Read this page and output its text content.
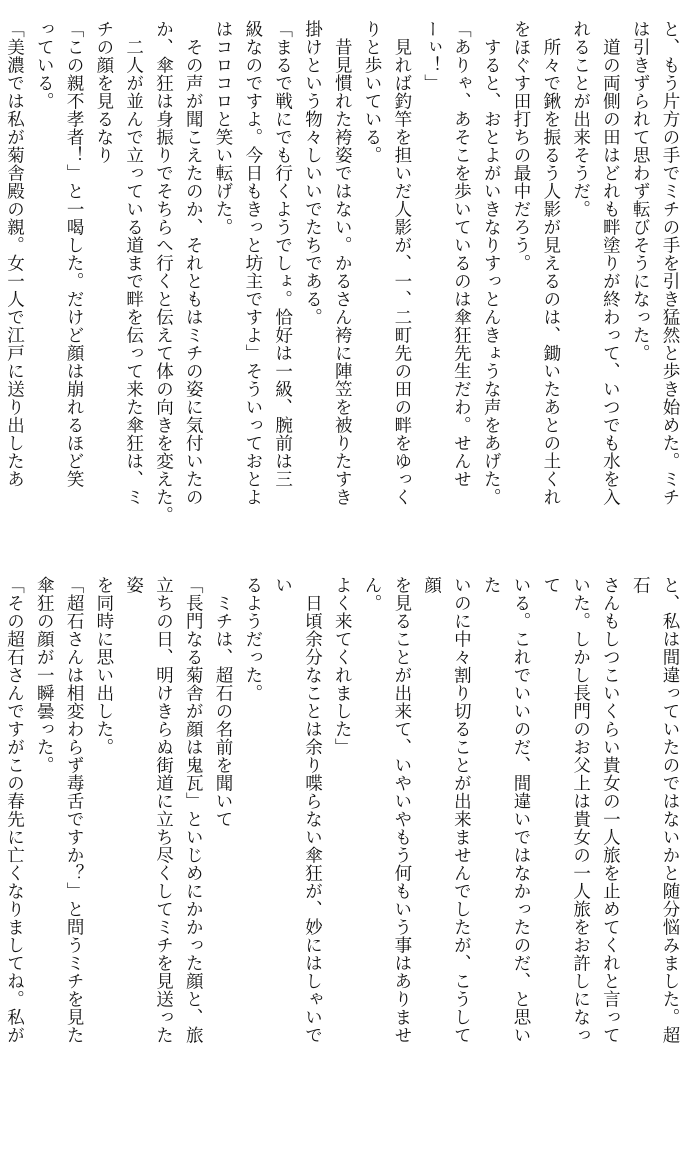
と、もう片方の手でミチの手を引き猛然と歩き始めた。ミチ
は引きずられて思わず転びそうになった。
　道の両側の田はどれも畔塗りが終わって、いつでも水を入
れることが出来そうだ。
　所々で鍬を振るう人影が見えるのは、鋤いたあとの土くれ
をほぐす田打ちの最中だろう。
　すると、おとよがいきなりすっとんきょうな声をあげた。
「ありゃ、あそこを歩いているのは傘狂先生だわ。せんせ
ーぃ！」
　見れば釣竿を担いだ人影が、一、二町先の田の畔をゆっく
りと歩いている。
　昔見慣れた袴姿ではない。かるさん袴に陣笠を被りたすき
掛けという物々しいいでたちである。
「まるで戦にでも行くようでしょ。恰好は一級、腕前は三
級なのですよ。今日もきっと坊主ですよ」そういっておとよ
はコロコロと笑い転げた。
　その声が聞こえたのか、それともはミチの姿に気付いたの
か、傘狂は身振りでそちらへ行くと伝えて体の向きを変えた。
　二人が並んで立っている道まで畔を伝って来た傘狂は、ミ
チの顔を見るなり
「この親不孝者！」と一喝した。だけど顔は崩れるほど笑
っている。
「美濃では私が菊舎殿の親。女一人で江戸に送り出したあ
と、私は間違っていたのではないかと随分悩みました。超石
さんもしつこいくらい貴女の一人旅を止めてくれと言って
いた。しかし長門のお父上は貴女の一人旅をお許しになって
いる。これでいいのだ、間違いではなかったのだ、と思いた
いのに中々割り切ることが出来ませんでしたが、こうして顔
を見ることが出来て、いやいやもう何もいう事はありません。
よく来てくれました」
　日頃余分なことは余り喋らない傘狂が、妙にはしゃいでい
るようだった。
　ミチは、超石の名前を聞いて
「長門なる菊舎が顔は鬼瓦」といじめにかかった顔と、旅
立ちの日、明けきらぬ街道に立ち尽くしてミチを見送った姿
を同時に思い出した。
「超石さんは相変わらず毒舌ですか？」と問うミチを見た
傘狂の顔が一瞬曇った。
「その超石さんですがこの春先に亡くなりましてね。私が
